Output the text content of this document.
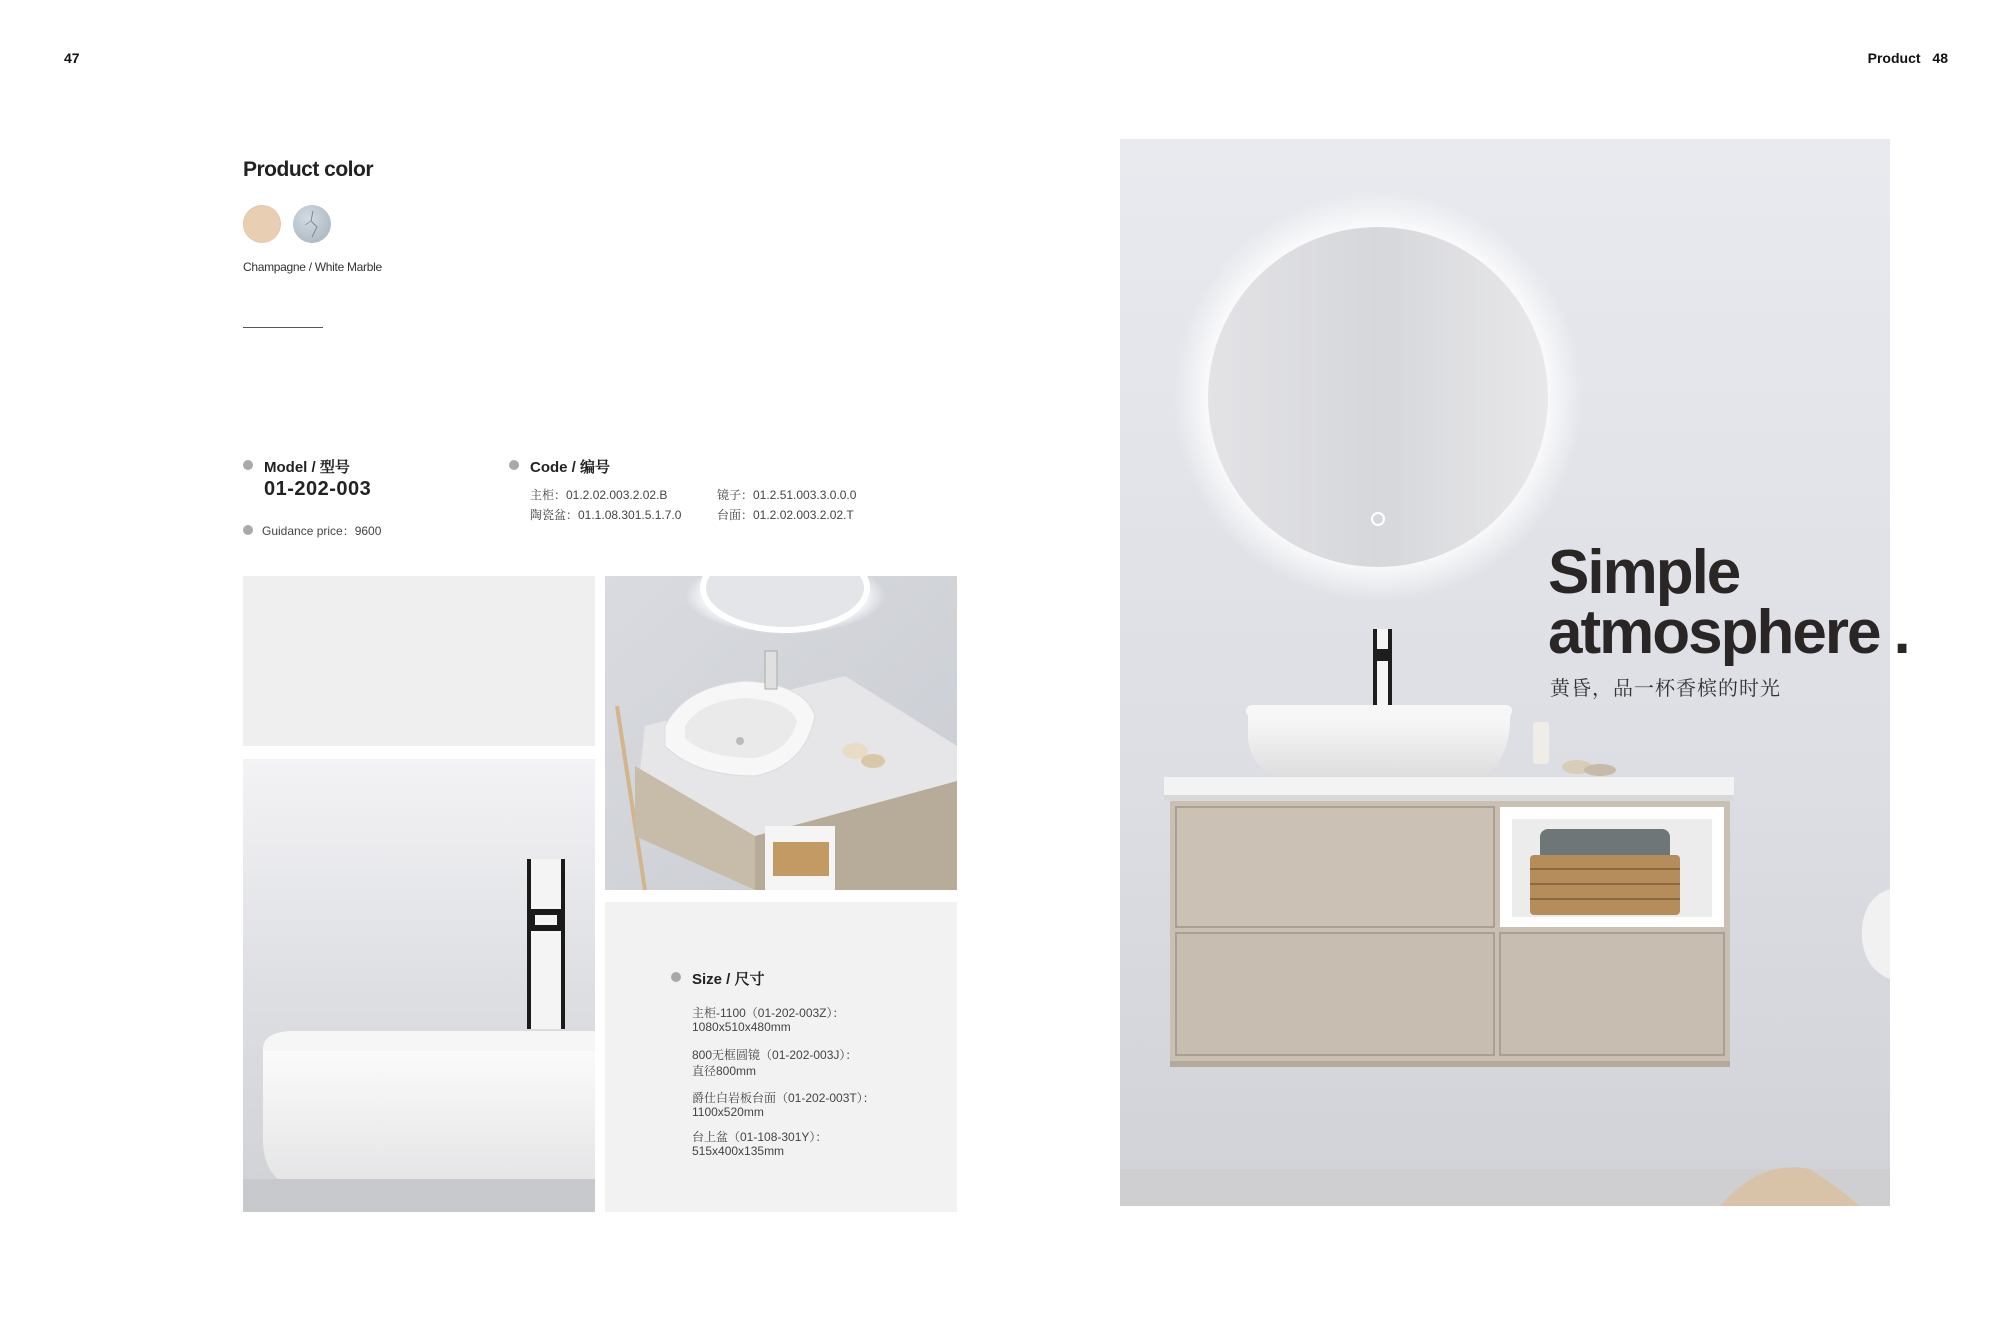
47	Product 48
Product color
Champagne / White Marble
Model / 型号
01-202-003
Guidance price：9600
Code / 编号
主柜：01.2.02.003.2.02.B	镜子：01.2.51.003.3.0.0.0
陶瓷盆：01.1.08.301.5.1.7.0	台面：01.2.02.003.2.02.T
Size / 尺寸
主柜-1100（01-202-003Z）：
1080x510x480mm
800无框圆镜（01-202-003J）：
直径800mm
爵仕白岩板台面（01-202-003T）：
1100x520mm
台上盆（01-108-301Y）：
515x400x135mm
Simple
atmosphere .
黄昏，品一杯香槟的时光
